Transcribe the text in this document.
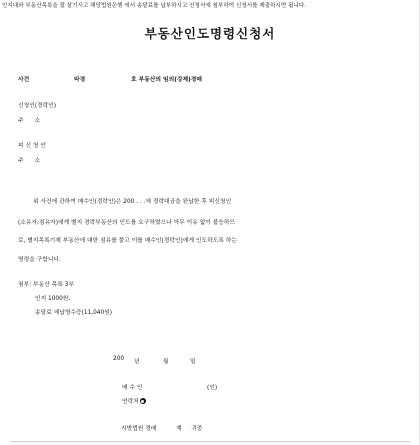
인지대와 부동산목록을 잘 살기시고 해당법원은행 에서 송달료를 납부하시고 신청서에 첨부하여 신청서를 제출하시면 됩니다.
부동산인도명령신청서
사건	타경	호 부동산의 임의(강제)경매
신청인(경락인)
주      소
피 신 청 인
주      소
위 사건에 관하여 매수인(경락인)은 200 . . .에 경락대금을 완납한 후 피신청인
(소유자,점유자)에게 별지 경락부동산의 인도를 요구하였으나 아무 이유 없이 불응하므
로, 별지목록기재 부동산에 대한 점유를 풀고 이를 매수인(경락인)에게 인도하도록 하는
명령을 구합니다.
첨부: 부동산 목록 3부
인지 1000원,
송달료 예납영수증(11,040원)
200 년	월	일
매 수 인	(인)
연락처
지방법원 경매	계 귀중
